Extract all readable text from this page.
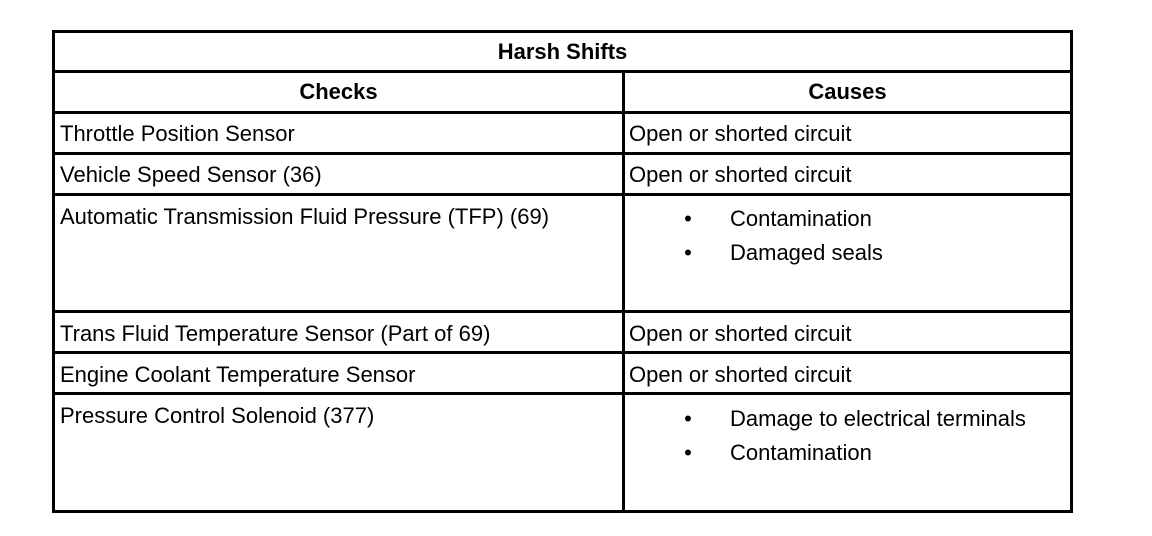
Harsh Shifts
Checks	Causes
Throttle Position Sensor	Open or shorted circuit
Vehicle Speed Sensor (36)	Open or shorted circuit
Automatic Transmission Fluid Pressure (TFP) (69)	• Contamination
• Damaged seals
Trans Fluid Temperature Sensor (Part of 69)	Open or shorted circuit
Engine Coolant Temperature Sensor	Open or shorted circuit
Pressure Control Solenoid (377)	• Damage to electrical terminals
• Contamination
